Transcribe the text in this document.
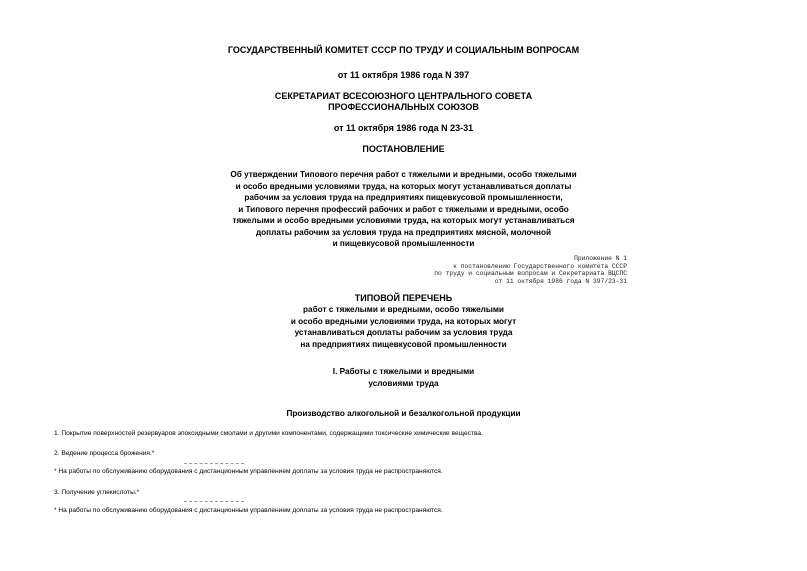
ГОСУДАРСТВЕННЫЙ КОМИТЕТ СССР ПО ТРУДУ И СОЦИАЛЬНЫМ ВОПРОСАМ
от 11 октября 1986 года N 397
СЕКРЕТАРИАТ ВСЕСОЮЗНОГО ЦЕНТРАЛЬНОГО СОВЕТА
ПРОФЕССИОНАЛЬНЫХ СОЮЗОВ
от 11 октября 1986 года N 23-31
ПОСТАНОВЛЕНИЕ
Об утверждении Типового перечня работ с тяжелыми и вредными, особо тяжелыми
и особо вредными условиями труда, на которых могут устанавливаться доплаты
рабочим за условия труда на предприятиях пищевкусовой промышленности,
и Типового перечня профессий рабочих и работ с тяжелыми и вредными, особо
тяжелыми и особо вредными условиями труда, на которых могут устанавливаться
доплаты рабочим за условия труда на предприятиях мясной, молочной
и пищевкусовой промышленности
Приложение N 1
к постановлению Государственного комитета СССР
по труду и социальным вопросам и Секретариата ВЦСПС
от 11 октября 1986 года N 397/23-31
ТИПОВОЙ ПЕРЕЧЕНЬ
работ с тяжелыми и вредными, особо тяжелыми
и особо вредными условиями труда, на которых могут
устанавливаться доплаты рабочим за условия труда
на предприятиях пищевкусовой промышленности
I. Работы с тяжелыми и вредными
условиями труда
Производство алкогольной и безалкогольной продукции
1. Покрытие поверхностей резервуаров эпоксидными смолами и другими компонентами, содержащими токсические химические вещества.
2. Ведение процесса брожения.*
* На работы по обслуживанию оборудования с дистанционным управлением доплаты за условия труда не распространяются.
3. Получение углекислоты.*
* На работы по обслуживанию оборудования с дистанционным управлением доплаты за условия труда не распространяются.
